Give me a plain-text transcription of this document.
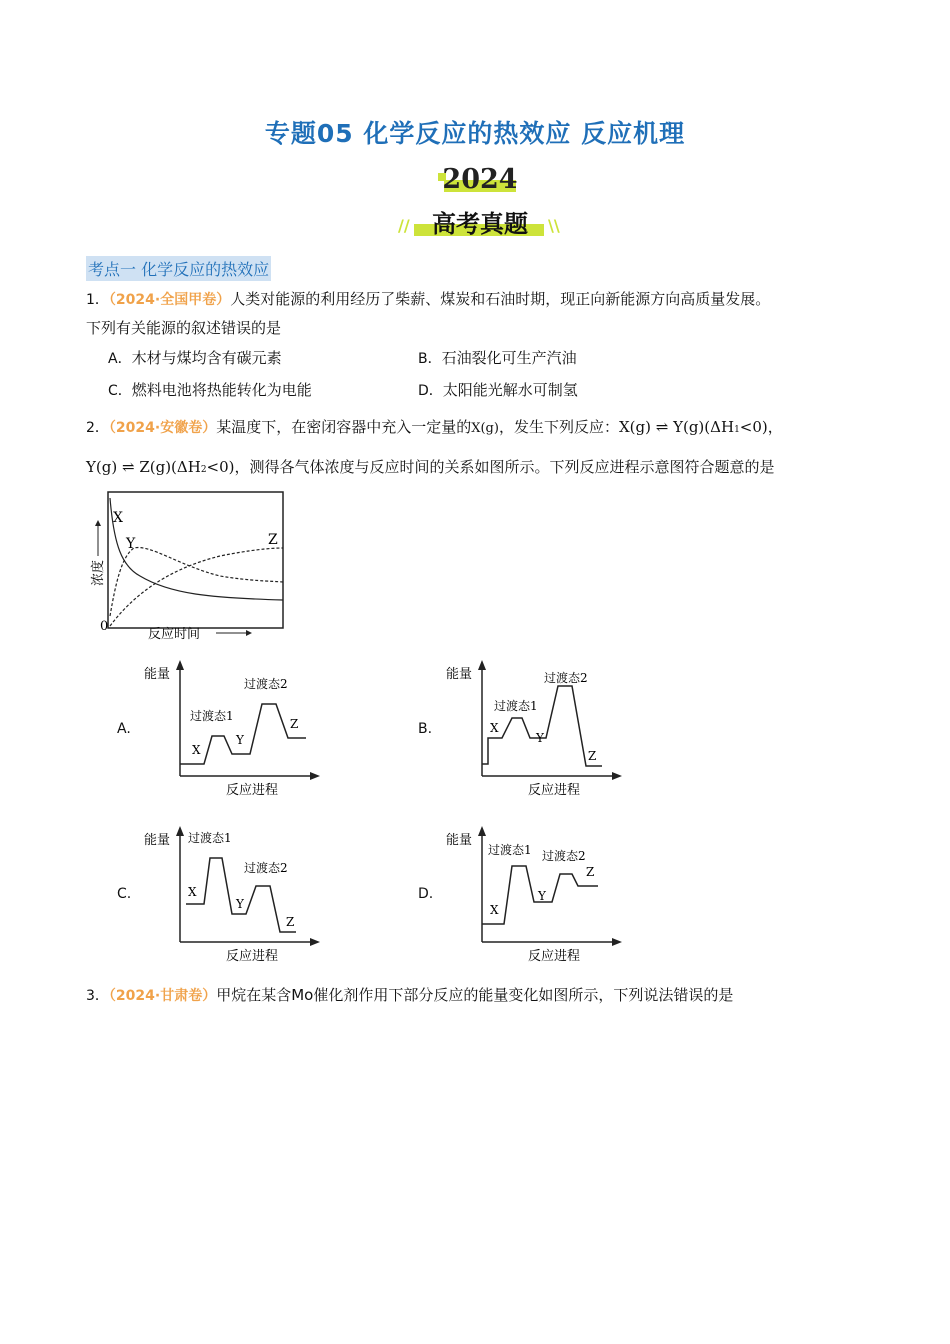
专题05 化学反应的热效应 反应机理
2024
// 高考真题	\\
考点一 化学反应的热效应
1．（2024·全国甲卷）人类对能源的利用经历了柴薪、煤炭和石油时期，现正向新能源方向高质量发展。
下列有关能源的叙述错误的是
A．木材与煤均含有碳元素	B．石油裂化可生产汽油
C．燃料电池将热能转化为电能	D．太阳能光解水可制氢
2．（2024·安徽卷）某温度下，在密闭容器中充入一定量的X(g)，发生下列反应：X(g) ⇌ Y(g)(ΔH1<0)，
Y(g) ⇌ Z(g)(ΔH2<0)，测得各气体浓度与反应时间的关系如图所示。下列反应进程示意图符合题意的是
X
Y	Z
0
浓度
反应时间
A.
能量
反应进程
X
过渡态1
Y
过渡态2
Z	B.
能量
反应进程
X
过渡态1
Y
过渡态2
Z
C.
能量
反应进程
X
过渡态1
Y
过渡态2
Z
D.
能量
反应进程
X
过渡态1
Y
过渡态2
Z
3．（2024·甘肃卷）甲烷在某含Mo催化剂作用下部分反应的能量变化如图所示，下列说法错误的是
